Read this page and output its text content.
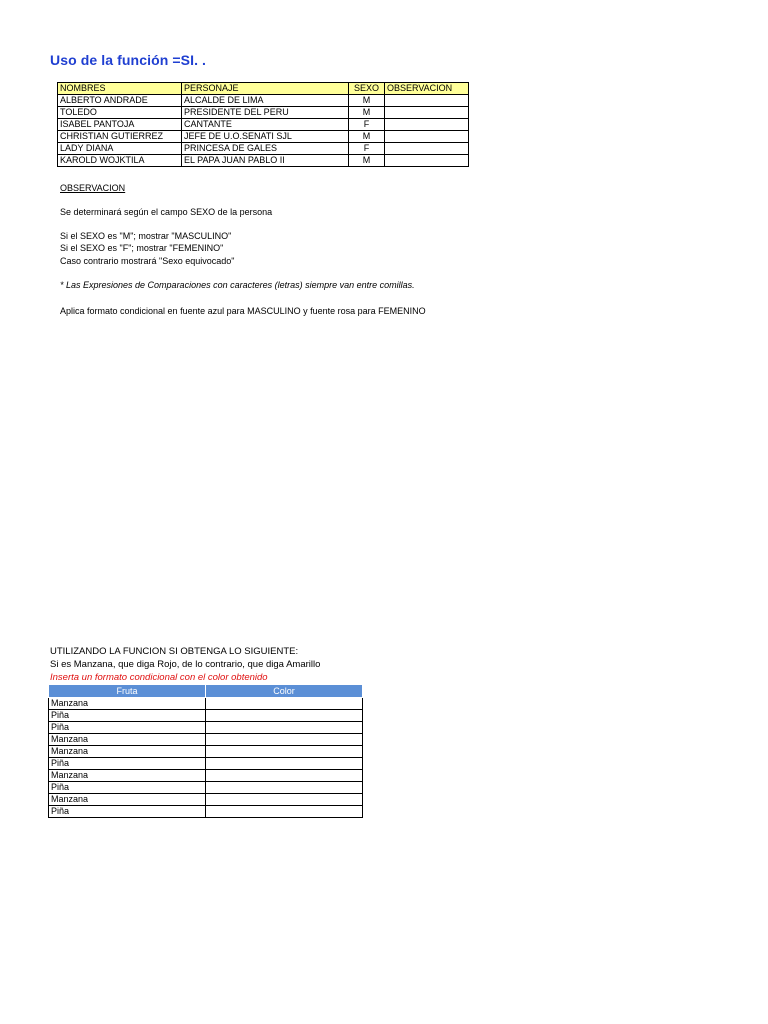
Uso de la función =SI. .
NOMBRES	PERSONAJE	SEXO	OBSERVACION
ALBERTO ANDRADE	ALCALDE DE LIMA	M	
TOLEDO	PRESIDENTE DEL PERU	M	
ISABEL PANTOJA	CANTANTE	F	
CHRISTIAN GUTIERREZ	JEFE DE U.O.SENATI SJL	M	
LADY DIANA	PRINCESA DE GALES	F	
KAROLD WOJKTILA	EL PAPA JUAN PABLO II	M	
OBSERVACION
Se determinará según el campo SEXO de la persona
Si el SEXO es "M"; mostrar "MASCULINO"
Si el SEXO es "F"; mostrar "FEMENINO"
Caso contrario mostrará "Sexo equivocado"
* Las Expresiones de Comparaciones con caracteres (letras) siempre van entre comillas.
Aplica formato condicional en fuente azul para MASCULINO y fuente rosa para FEMENINO
UTILIZANDO LA FUNCION SI OBTENGA LO SIGUIENTE:
Si es Manzana, que diga Rojo, de lo contrario, que diga Amarillo
Inserta un formato condicional con el color obtenido
Fruta	Color
Manzana	
Piña	
Piña	
Manzana	
Manzana	
Piña	
Manzana	
Piña	
Manzana	
Piña	
